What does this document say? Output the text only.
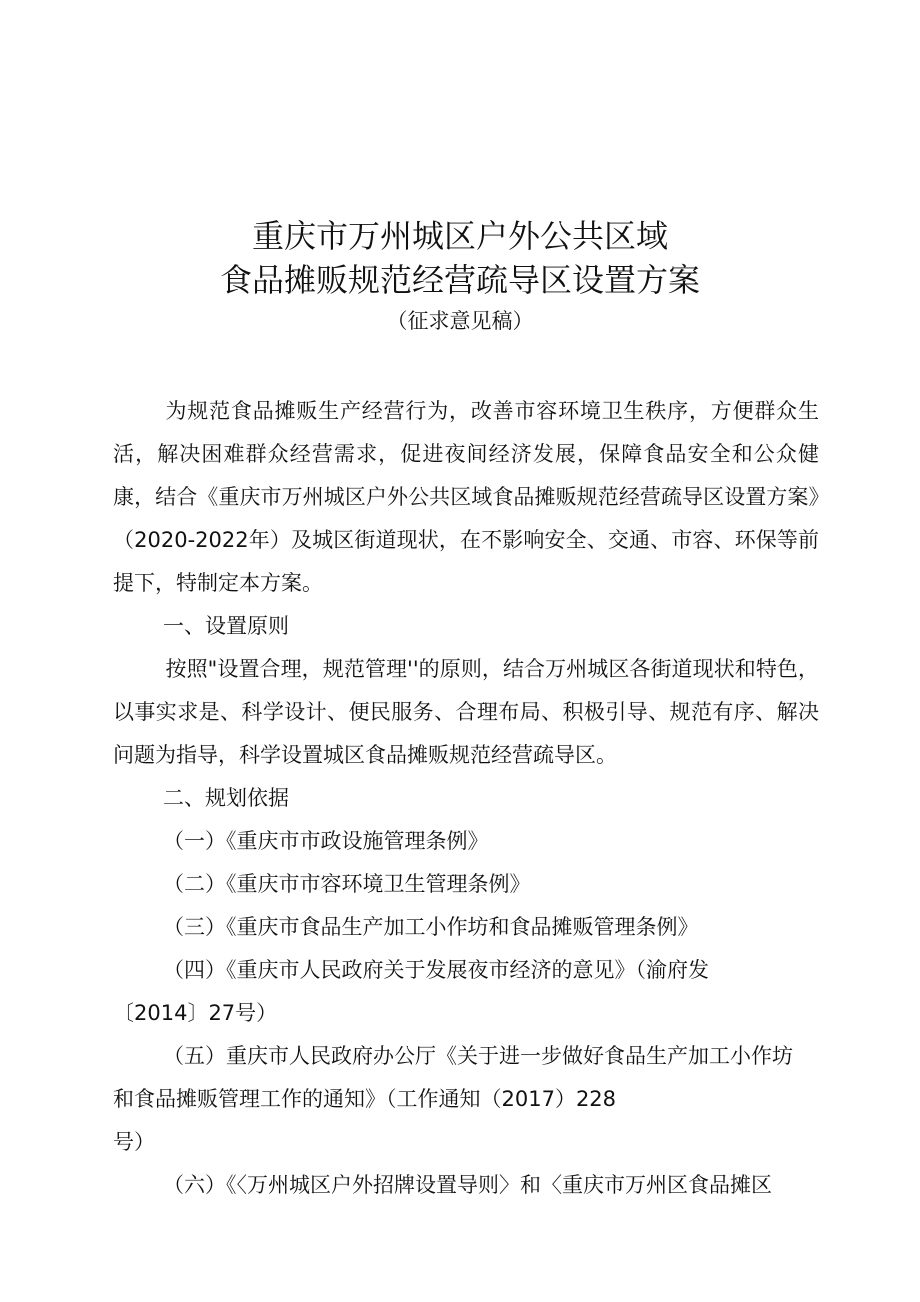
重庆市万州城区户外公共区域
食品摊贩规范经营疏导区设置方案
（征求意见稿）

为规范食品摊贩生产经营行为，改善市容环境卫生秩序，方便群众生活，解决困难群众经营需求，促进夜间经济发展，保障食品安全和公众健康，结合《重庆市万州城区户外公共区域食品摊贩规范经营疏导区设置方案》（2020-2022年）及城区街道现状，在不影响安全、交通、市容、环保等前提下，特制定本方案。

一、设置原则

按照"设置合理，规范管理''的原则，结合万州城区各街道现状和特色，以事实求是、科学设计、便民服务、合理布局、积极引导、规范有序、解决问题为指导，科学设置城区食品摊贩规范经营疏导区。

二、规划依据

（一）《重庆市市政设施管理条例》

（二）《重庆市市容环境卫生管理条例》

（三）《重庆市食品生产加工小作坊和食品摊贩管理条例》

（四）《重庆市人民政府关于发展夜市经济的意见》（渝府发

〔2014〕27号）

（五）重庆市人民政府办公厅《关于进一步做好食品生产加工小作坊

和食品摊贩管理工作的通知》（工作通知（2017）228

号）

（六）《〈万州城区户外招牌设置导则〉和〈重庆市万州区食品摊区
